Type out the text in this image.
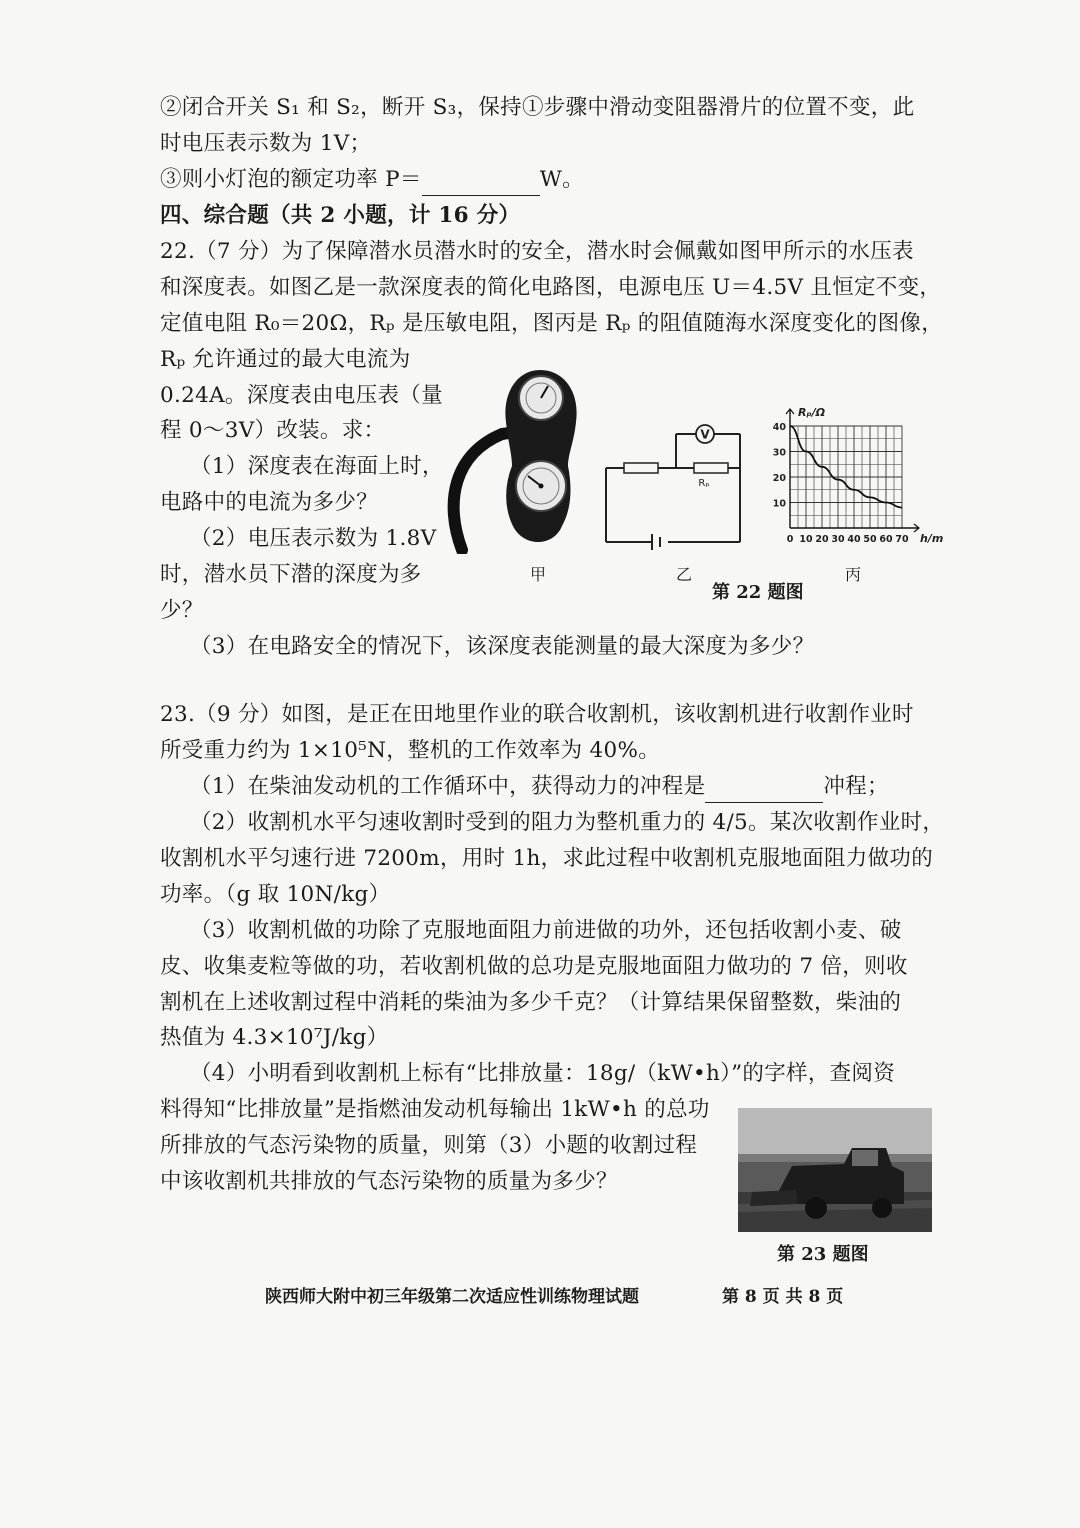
②闭合开关 S₁ 和 S₂，断开 S₃，保持①步骤中滑动变阻器滑片的位置不变，此
时电压表示数为 1V；
③则小灯泡的额定功率 P＝	W。
四、综合题（共 2 小题，计 16 分）
22.（7 分）为了保障潜水员潜水时的安全，潜水时会佩戴如图甲所示的水压表
和深度表。如图乙是一款深度表的简化电路图，电源电压 U＝4.5V 且恒定不变，
定值电阻 R₀＝20Ω，Rₚ 是压敏电阻，图丙是 Rₚ 的阻值随海水深度变化的图像，
Rₚ 允许通过的最大电流为
0.24A。深度表由电压表（量
程 0～3V）改装。求：
（1）深度表在海面上时，
电路中的电流为多少？
（2）电压表示数为 1.8V
时，潜水员下潜的深度为多
少？
（3）在电路安全的情况下，该深度表能测量的最大深度为多少？
V
Rₚ
Rₚ/Ω
h/m
0 10 20 30 40 50 60 70
10
20
30
40
甲	乙	丙
第 22 题图
23.（9 分）如图，是正在田地里作业的联合收割机，该收割机进行收割作业时
所受重力约为 1×10⁵N，整机的工作效率为 40%。
（1）在柴油发动机的工作循环中，获得动力的冲程是	冲程；
（2）收割机水平匀速收割时受到的阻力为整机重力的 4/5。某次收割作业时，
收割机水平匀速行进 7200m，用时 1h，求此过程中收割机克服地面阻力做功的
功率。（g 取 10N/kg）
（3）收割机做的功除了克服地面阻力前进做的功外，还包括收割小麦、破
皮、收集麦粒等做的功，若收割机做的总功是克服地面阻力做功的 7 倍，则收
割机在上述收割过程中消耗的柴油为多少千克？（计算结果保留整数，柴油的
热值为 4.3×10⁷J/kg）
（4）小明看到收割机上标有“比排放量：18g/（kW•h）”的字样，查阅资
料得知“比排放量”是指燃油发动机每输出 1kW•h 的总功
所排放的气态污染物的质量，则第（3）小题的收割过程
中该收割机共排放的气态污染物的质量为多少？
第 23 题图
陕西师大附中初三年级第二次适应性训练物理试题	第 8 页 共 8 页
